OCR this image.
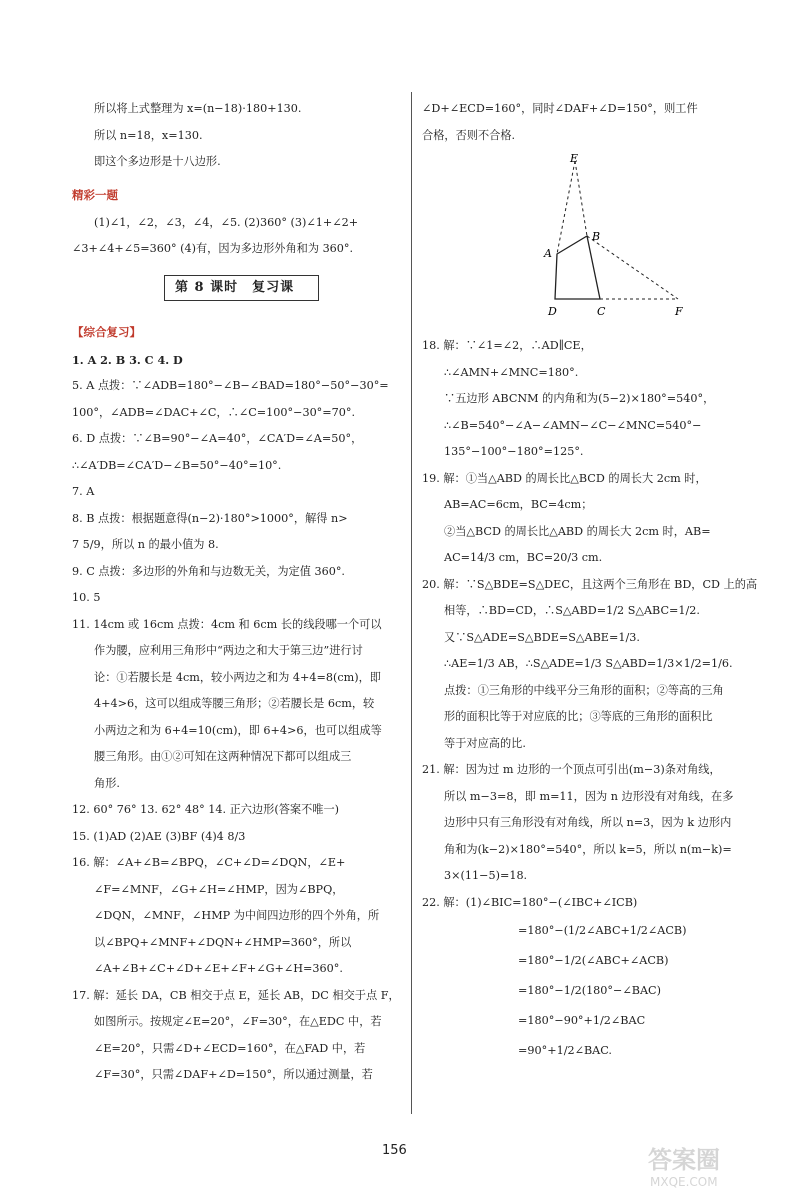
所以将上式整理为 x=(n−18)·180+130.

所以 n=18，x=130.

即这个多边形是十八边形.

精彩一题

(1)∠1，∠2，∠3，∠4，∠5. (2)360° (3)∠1+∠2+

∠3+∠4+∠5=360° (4)有，因为多边形外角和为 360°.

第 8 课时 复习课
【综合复习】

1. A 2. B 3. C 4. D

5. A 点拨：∵∠ADB=180°−∠B−∠BAD=180°−50°−30°=

100°，∠ADB=∠DAC+∠C，∴∠C=100°−30°=70°.

6. D 点拨：∵∠B=90°−∠A=40°，∠CA′D=∠A=50°，

∴∠A′DB=∠CA′D−∠B=50°−40°=10°.

7. A

8. B 点拨：根据题意得(n−2)·180°>1000°，解得 n>

7 5/9，所以 n 的最小值为 8.

9. C 点拨：多边形的外角和与边数无关，为定值 360°.

10. 5

11. 14cm 或 16cm 点拨：4cm 和 6cm 长的线段哪一个可以

作为腰，应利用三角形中“两边之和大于第三边”进行讨

论：①若腰长是 4cm，较小两边之和为 4+4=8(cm)，即

4+4>6，这可以组成等腰三角形；②若腰长是 6cm，较

小两边之和为 6+4=10(cm)，即 6+4>6，也可以组成等

腰三角形。由①②可知在这两种情况下都可以组成三

角形.

12. 60° 76° 13. 62° 48° 14. 正六边形(答案不唯一)

15. (1)AD (2)AE (3)BF (4)4 8/3

16. 解：∠A+∠B=∠BPQ，∠C+∠D=∠DQN，∠E+

∠F=∠MNF，∠G+∠H=∠HMP，因为∠BPQ，

∠DQN，∠MNF，∠HMP 为中间四边形的四个外角，所

以∠BPQ+∠MNF+∠DQN+∠HMP=360°，所以

∠A+∠B+∠C+∠D+∠E+∠F+∠G+∠H=360°.

17. 解：延长 DA，CB 相交于点 E，延长 AB，DC 相交于点 F，

如图所示。按规定∠E=20°，∠F=30°，在△EDC 中，若

∠E=20°，只需∠D+∠ECD=160°，在△FAD 中，若

∠F=30°，只需∠DAF+∠D=150°，所以通过测量，若

∠D+∠ECD=160°，同时∠DAF+∠D=150°，则工件

合格，否则不合格.

E
A
B
D	C	F

18. 解：∵∠1=∠2，∴AD∥CE，

∴∠AMN+∠MNC=180°.

∵五边形 ABCNM 的内角和为(5−2)×180°=540°，

∴∠B=540°−∠A−∠AMN−∠C−∠MNC=540°−

135°−100°−180°=125°.

19. 解：①当△ABD 的周长比△BCD 的周长大 2cm 时，

AB=AC=6cm，BC=4cm；

②当△BCD 的周长比△ABD 的周长大 2cm 时，AB=

AC=14/3 cm，BC=20/3 cm.

20. 解：∵S△BDE=S△DEC，且这两个三角形在 BD，CD 上的高

相等，∴BD=CD，∴S△ABD=1/2 S△ABC=1/2.

又∵S△ADE=S△BDE=S△ABE=1/3.

∴AE=1/3 AB，∴S△ADE=1/3 S△ABD=1/3×1/2=1/6.

点拨：①三角形的中线平分三角形的面积；②等高的三角

形的面积比等于对应底的比；③等底的三角形的面积比

等于对应高的比.

21. 解：因为过 m 边形的一个顶点可引出(m−3)条对角线，

所以 m−3=8，即 m=11，因为 n 边形没有对角线，在多

边形中只有三角形没有对角线，所以 n=3，因为 k 边形内

角和为(k−2)×180°=540°，所以 k=5，所以 n(m−k)=

3×(11−5)=18.

22. 解：(1)∠BIC=180°−(∠IBC+∠ICB)

=180°−(1/2∠ABC+1/2∠ACB)

=180°−1/2(∠ABC+∠ACB)

=180°−1/2(180°−∠BAC)

=180°−90°+1/2∠BAC

=90°+1/2∠BAC.

156	答案圈
MXQE.COM
